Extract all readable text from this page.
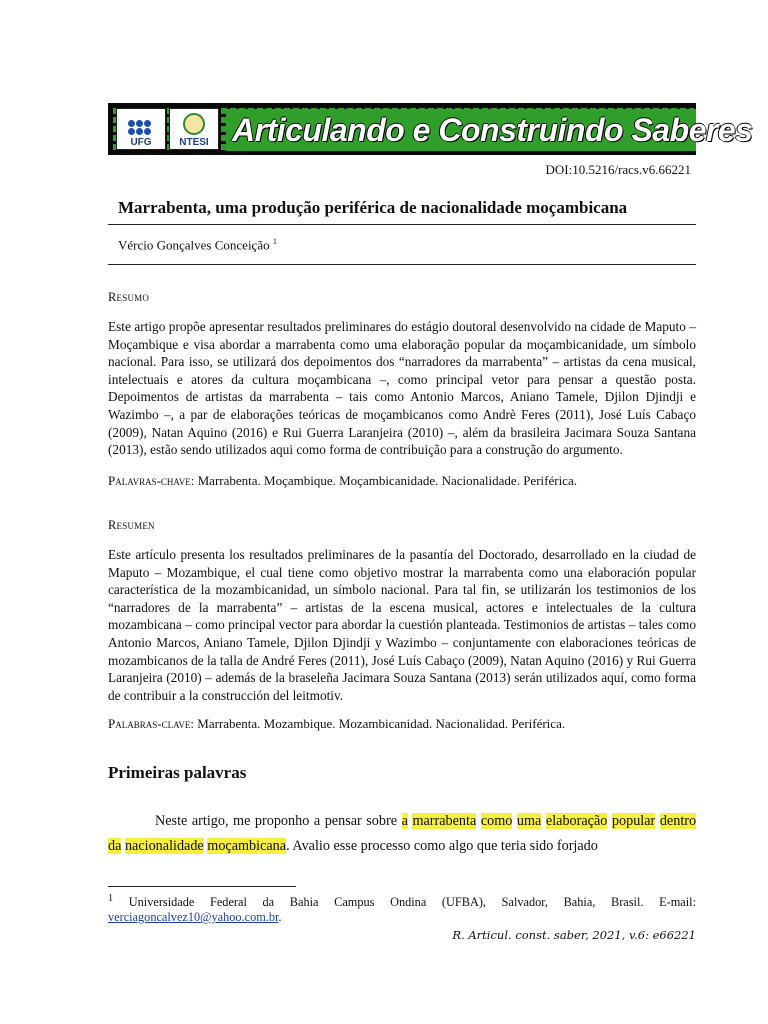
UFG	NTESI Articulando e Construindo Saberes
DOI:10.5216/racs.v6.66221
Marrabenta, uma produção periférica de nacionalidade moçambicana
Vércio Gonçalves Conceição $^1$
Resumo
Este artigo propõe apresentar resultados preliminares do estágio doutoral desenvolvido na cidade de Maputo – Moçambique e visa abordar a marrabenta como uma elaboração popular da moçambicanidade, um símbolo nacional. Para isso, se utilizará dos depoimentos dos “narradores da marrabenta” – artistas da cena musical, intelectuais e atores da cultura moçambicana –, como principal vetor para pensar a questão posta. Depoimentos de artistas da marrabenta – tais como Antonio Marcos, Aniano Tamele, Djilon Djindji e Wazimbo –, a par de elaborações teóricas de moçambicanos como Andrè Feres (2011), José Luís Cabaço (2009), Natan Aquino (2016) e Rui Guerra Laranjeira (2010) –, além da brasileira Jacimara Souza Santana (2013), estão sendo utilizados aqui como forma de contribuição para a construção do argumento.
Palavras-chave: Marrabenta. Moçambique. Moçambicanidade. Nacionalidade. Periférica.
Resumen
Este artículo presenta los resultados preliminares de la pasantía del Doctorado, desarrollado en la ciudad de Maputo – Mozambique, el cual tiene como objetivo mostrar la marrabenta como una elaboración popular característica de la mozambicanidad, un símbolo nacional. Para tal fin, se utilizarán los testimonios de los “narradores de la marrabenta” – artistas de la escena musical, actores e intelectuales de la cultura mozambicana – como principal vector para abordar la cuestión planteada. Testimonios de artistas – tales como Antonio Marcos, Aniano Tamele, Djilon Djindji y Wazimbo – conjuntamente con elaboraciones teóricas de mozambicanos de la talla de André Feres (2011), José Luís Cabaço (2009), Natan Aquino (2016) y Rui Guerra Laranjeira (2010) – además de la braseleña Jacimara Souza Santana (2013) serán utilizados aquí, como forma de contribuir a la construcción del leitmotiv.
Palabras-clave: Marrabenta. Mozambique. Mozambicanidad. Nacionalidad. Periférica.
Primeiras palavras
Neste artigo, me proponho a pensar sobre a marrabenta como uma elaboração popular dentro da nacionalidade moçambicana. Avalio esse processo como algo que teria sido forjado
$^1$ Universidade Federal da Bahia Campus Ondina (UFBA), Salvador, Bahia, Brasil. E-mail: verciagoncalvez10@yahoo.com.br.
R. Articul. const. saber, 2021, v.6: e66221
